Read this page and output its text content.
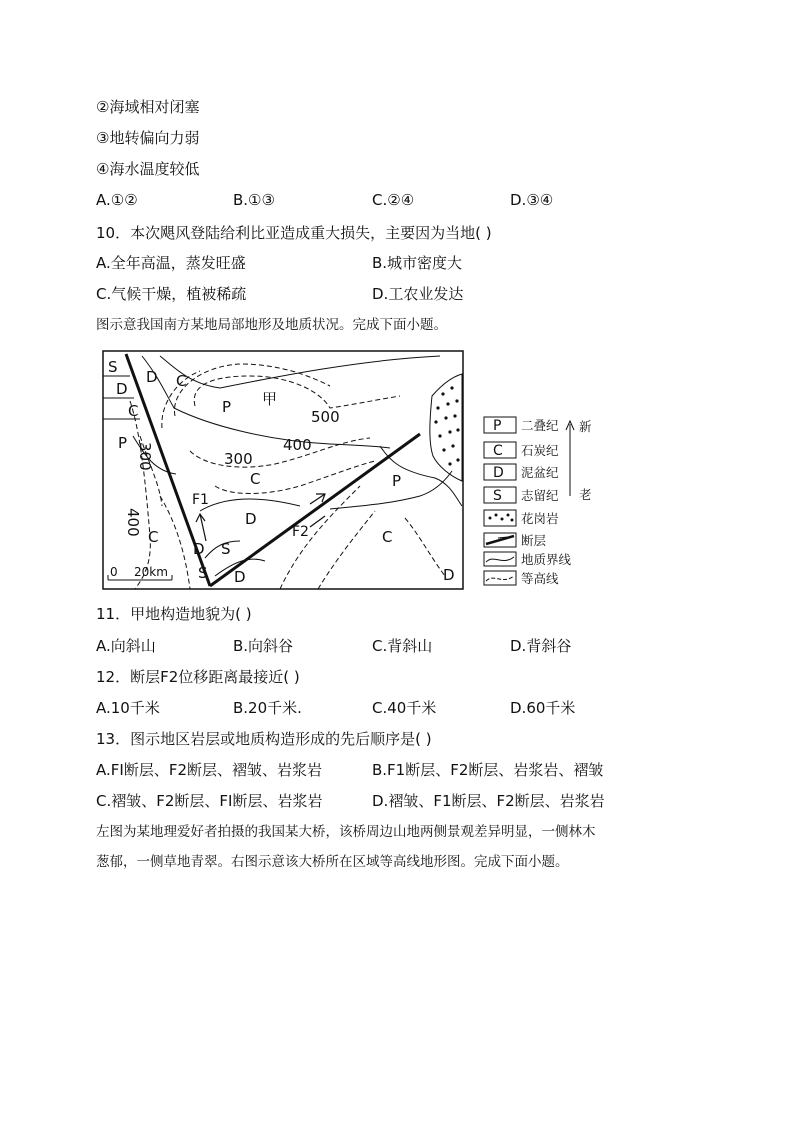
②海域相对闭塞
③地转偏向力弱
④海水温度较低
A.①②	B.①③	C.②④	D.③④
10．本次飓风登陆给利比亚造成重大损失，主要因为当地( )
A.全年高温，蒸发旺盛	B.城市密度大
C.气候干燥，植被稀疏	D.工农业发达
图示意我国南方某地局部地形及地质状况。完成下面小题。
S
D
C
P
D C
P 甲
C
D
D S
S
C
P
C
D	D
F1
F2
500
400
300
300
400
0 20km
P 二叠纪
C 石炭纪
D 泥盆纪
S 志留纪
花岗岩
断层
地质界线
等高线
新
老
11．甲地构造地貌为( )
A.向斜山	B.向斜谷	C.背斜山	D.背斜谷
12．断层F2位移距离最接近( )
A.10千米	B.20千米.	C.40千米	D.60千米
13．图示地区岩层或地质构造形成的先后顺序是( )
A.FI断层、F2断层、褶皱、岩浆岩	B.F1断层、F2断层、岩浆岩、褶皱
C.褶皱、F2断层、FI断层、岩浆岩	D.褶皱、F1断层、F2断层、岩浆岩
左图为某地理爱好者拍摄的我国某大桥，该桥周边山地两侧景观差异明显，一侧林木
葱郁，一侧草地青翠。右图示意该大桥所在区域等高线地形图。完成下面小题。
